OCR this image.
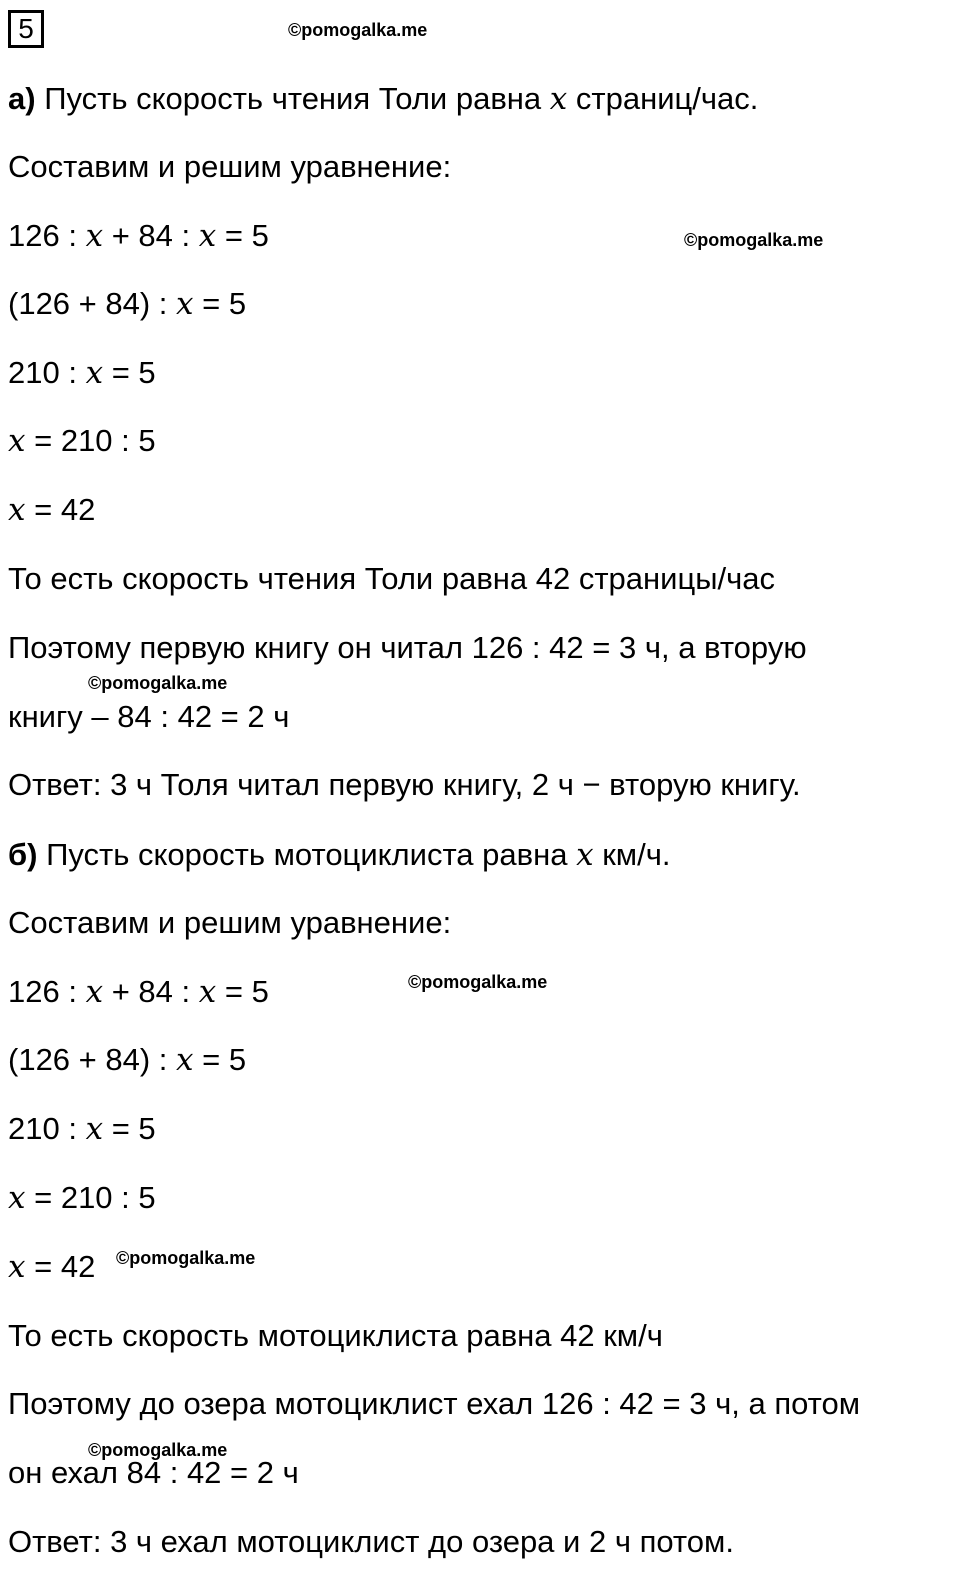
5	©pomogalka.me
©pomogalka.me
©pomogalka.me
©pomogalka.me
©pomogalka.me
©pomogalka.me
а) Пусть скорость чтения Толи равна x страниц/час.
Составим и решим уравнение:
126 : x + 84 : x = 5
(126 + 84) : x = 5
210 : x = 5
x = 210 : 5
x = 42
То есть скорость чтения Толи равна 42 страницы/час
Поэтому первую книгу он читал 126 : 42 = 3 ч, а вторую
книгу – 84 : 42 = 2 ч
Ответ: 3 ч Толя читал первую книгу, 2 ч − вторую книгу.
б) Пусть скорость мотоциклиста равна x км/ч.
Составим и решим уравнение:
126 : x + 84 : x = 5
(126 + 84) : x = 5
210 : x = 5
x = 210 : 5
x = 42
То есть скорость мотоциклиста равна 42 км/ч
Поэтому до озера мотоциклист ехал 126 : 42 = 3 ч, а потом
он ехал 84 : 42 = 2 ч
Ответ: 3 ч ехал мотоциклист до озера и 2 ч потом.
